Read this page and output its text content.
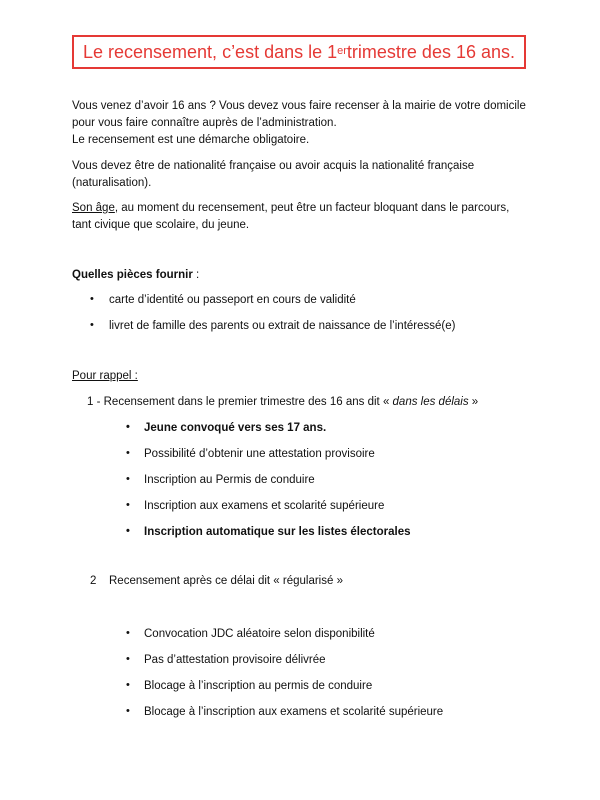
Le recensement, c’est dans le 1er trimestre des 16 ans.

Vous venez d’avoir 16 ans ? Vous devez vous faire recenser à la mairie de votre domicile
pour vous faire connaître auprès de l’administration.
Le recensement est une démarche obligatoire.

Vous devez être de nationalité française ou avoir acquis la nationalité française
(naturalisation).

Son âge, au moment du recensement, peut être un facteur bloquant dans le parcours,
tant civique que scolaire, du jeune.

Quelles pièces fournir :

• carte d’identité ou passeport en cours de validité
• livret de famille des parents ou extrait de naissance de l’intéressé(e)

Pour rappel :

1 - Recensement dans le premier trimestre des 16 ans dit « dans les délais »

• Jeune convoqué vers ses 17 ans.
• Possibilité d’obtenir une attestation provisoire
• Inscription au Permis de conduire
• Inscription aux examens et scolarité supérieure
• Inscription automatique sur les listes électorales
2 Recensement après ce délai dit « régularisé »
• Convocation JDC aléatoire selon disponibilité
• Pas d’attestation provisoire délivrée
• Blocage à l’inscription au permis de conduire
• Blocage à l’inscription aux examens et scolarité supérieure
